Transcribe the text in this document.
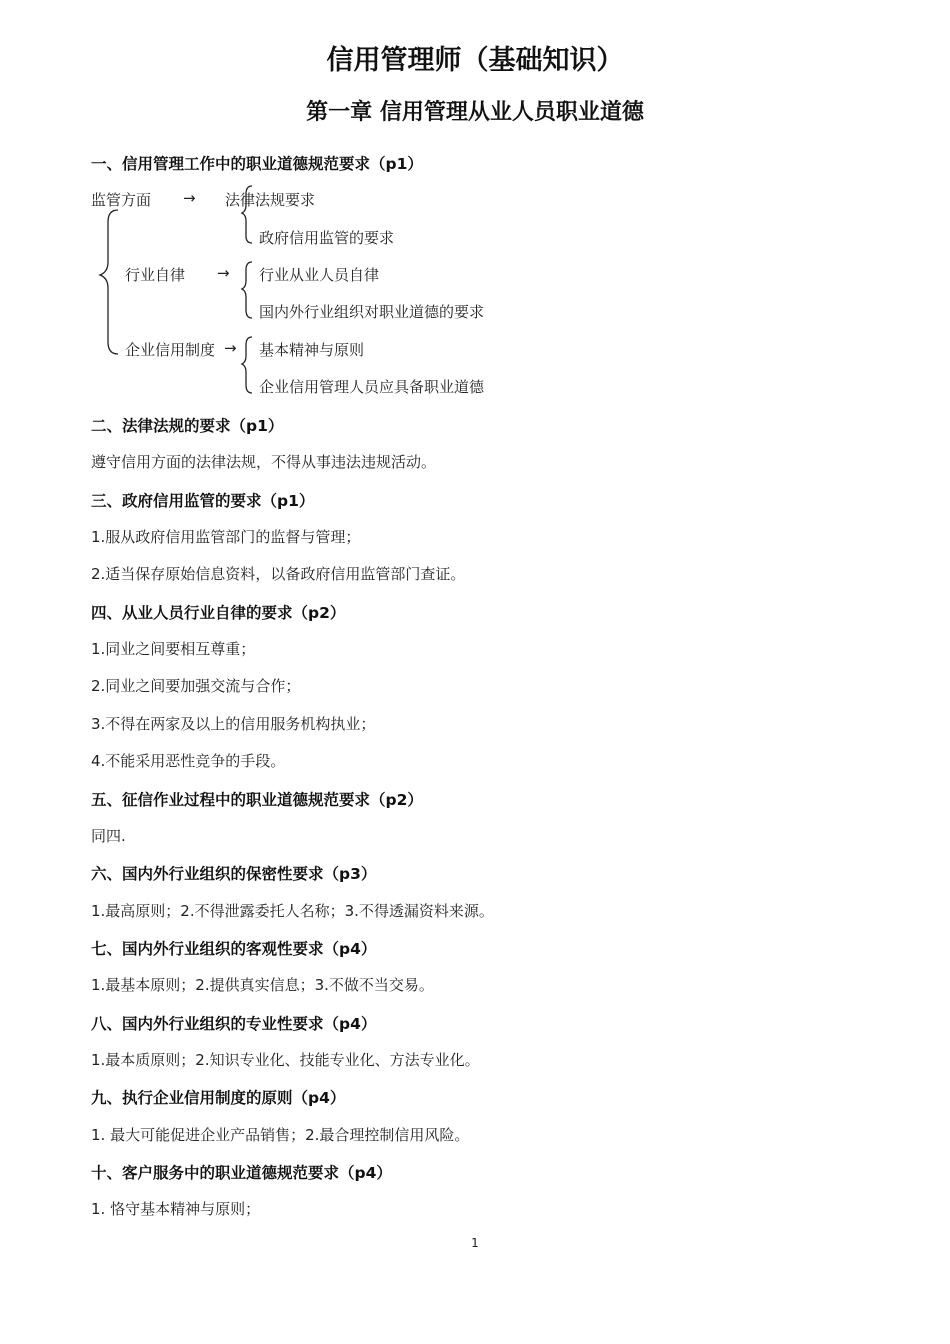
信用管理师（基础知识）
第一章 信用管理从业人员职业道德
一、信用管理工作中的职业道德规范要求（p1）
监管方面 → 法律法规要求
政府信用监管的要求
行业自律 → 行业从业人员自律
国内外行业组织对职业道德的要求
企业信用制度 → 基本精神与原则
企业信用管理人员应具备职业道德
二、法律法规的要求（p1）
遵守信用方面的法律法规，不得从事违法违规活动。
三、政府信用监管的要求（p1）
1.服从政府信用监管部门的监督与管理；
2.适当保存原始信息资料，以备政府信用监管部门查证。
四、从业人员行业自律的要求（p2）
1.同业之间要相互尊重；
2.同业之间要加强交流与合作；
3.不得在两家及以上的信用服务机构执业；
4.不能采用恶性竞争的手段。
五、征信作业过程中的职业道德规范要求（p2）
同四.
六、国内外行业组织的保密性要求（p3）
1.最高原则；2.不得泄露委托人名称；3.不得透漏资料来源。
七、国内外行业组织的客观性要求（p4）
1.最基本原则；2.提供真实信息；3.不做不当交易。
八、国内外行业组织的专业性要求（p4）
1.最本质原则；2.知识专业化、技能专业化、方法专业化。
九、执行企业信用制度的原则（p4）
1. 最大可能促进企业产品销售；2.最合理控制信用风险。
十、客户服务中的职业道德规范要求（p4）
1. 恪守基本精神与原则；
1
